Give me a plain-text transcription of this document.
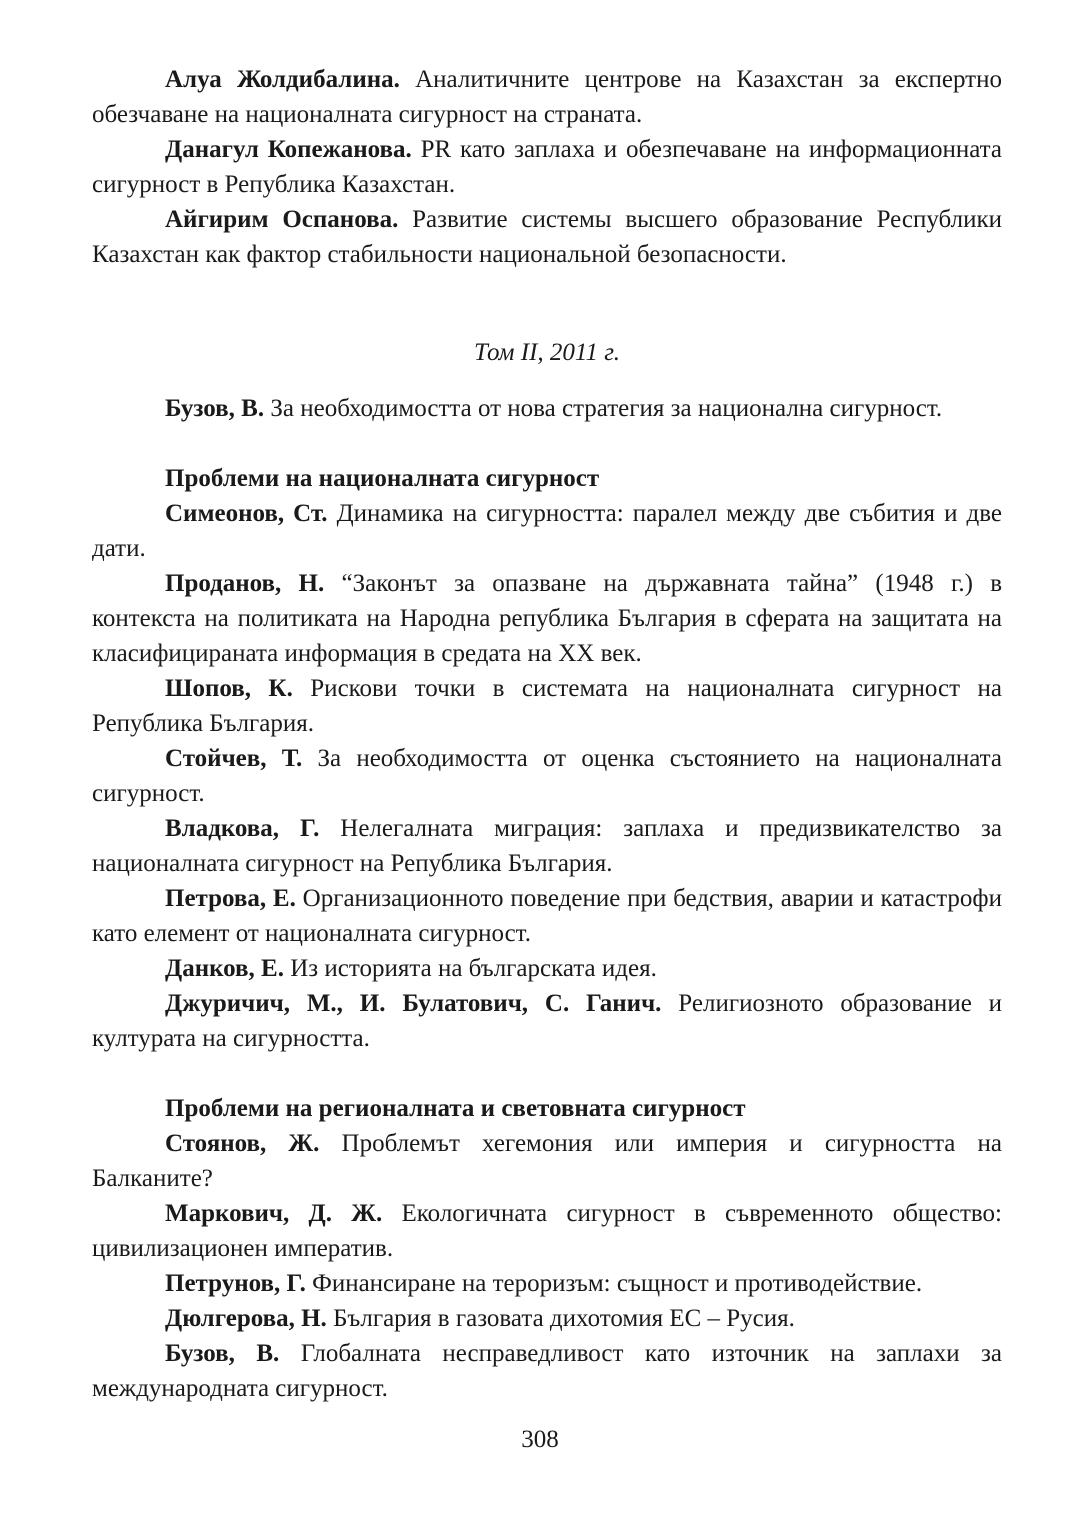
Алуа Жолдибалина. Аналитичните центрове на Казахстан за експертно обезчаване на националната сигурност на страната.

Данагул Копежанова. PR като заплаха и обезпечаване на информационната сигурност в Република Казахстан.

Айгирим Оспанова. Развитие системы высшего образование Республики Казахстан как фактор стабильности национальной безопасности.

Том II, 2011 г.

Бузов, В. За необходимостта от нова стратегия за национална сигурност.

Проблеми на националната сигурност

Симеонов, Ст. Динамика на сигурността: паралел между две събития и две дати.

Проданов, Н. “Законът за опазване на държавната тайна” (1948 г.) в контекста на политиката на Народна република България в сферата на защитата на класифицираната информация в средата на XX век.

Шопов, К. Рискови точки в системата на националната сигурност на Република България.

Стойчев, Т. За необходимостта от оценка състоянието на националната сигурност.

Владкова, Г. Нелегалната миграция: заплаха и предизвикателство за националната сигурност на Република България.

Петрова, Е. Организационното поведение при бедствия, аварии и катастрофи като елемент от националната сигурност.

Данков, Е. Из историята на българската идея.

Джуричич, М., И. Булатович, С. Ганич. Религиозното образование и културата на сигурността.

Проблеми на регионалната и световната сигурност

Стоянов, Ж. Проблемът хегемония или империя и сигурността на Балканите?

Маркович, Д. Ж. Екологичната сигурност в съвременното общество: цивилизационен императив.

Петрунов, Г. Финансиране на тероризъм: същност и противодействие.

Дюлгерова, Н. България в газовата дихотомия ЕС – Русия.

Бузов, В. Глобалната несправедливост като източник на заплахи за международната сигурност.

308
